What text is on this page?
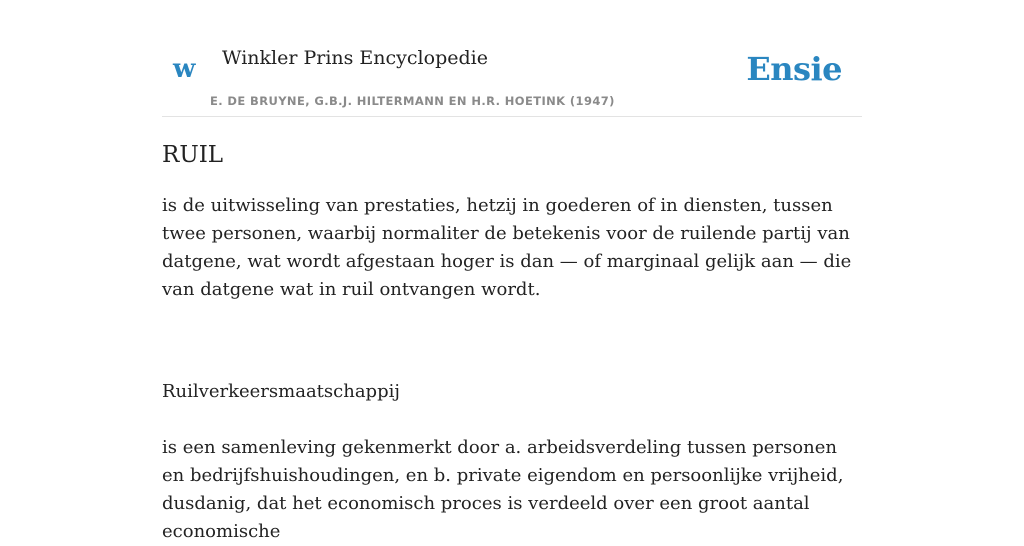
w Winkler Prins Encyclopedie
E. DE BRUYNE, G.B.J. HILTERMANN EN H.R. HOETINK (1947)
Ensie
RUIL

is de uitwisseling van prestaties, hetzij in goederen of in diensten, tussen twee personen, waarbij normaliter de betekenis voor de ruilende partij van datgene, wat wordt afgestaan hoger is dan — of marginaal gelijk aan — die van datgene wat in ruil ontvangen wordt.

Ruilverkeersmaatschappij

is een samenleving gekenmerkt door a. arbeidsverdeling tussen personen en bedrijfshuishoudingen, en b. private eigendom en persoonlijke vrijheid, dusdanig, dat het economisch proces is verdeeld over een groot aantal economische
